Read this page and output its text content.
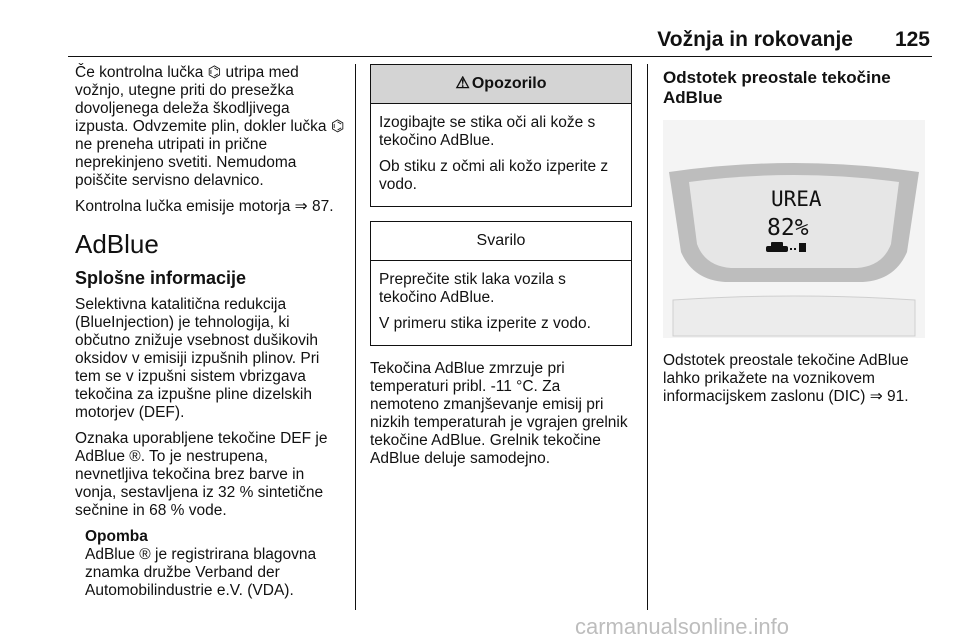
Vožnja in rokovanje 125

Če kontrolna lučka ⌬ utripa med vožnjo, utegne priti do presežka dovoljenega deleža škodljivega izpusta. Odvzemite plin, dokler lučka ⌬ ne preneha utripati in prične neprekinjeno svetiti. Nemudoma poiščite servisno delavnico.

Kontrolna lučka emisije motorja ⇒ 87.

AdBlue
Splošne informacije

Selektivna katalitična redukcija (BlueInjection) je tehnologija, ki občutno znižuje vsebnost dušikovih oksidov v emisiji izpušnih plinov. Pri tem se v izpušni sistem vbrizgava tekočina za izpušne pline dizelskih motorjev (DEF).

Oznaka uporabljene tekočine DEF je AdBlue ®. To je nestrupena, nevnetljiva tekočina brez barve in vonja, sestavljena iz 32 % sintetične sečnine in 68 % vode.

Opomba
AdBlue ® je registrirana blagovna znamka družbe Verband der Automobilindustrie e.V. (VDA).
⚠ Opozorilo

Izogibajte se stika oči ali kože s tekočino AdBlue.

Ob stiku z očmi ali kožo izperite z vodo.

Svarilo

Preprečite stik laka vozila s tekočino AdBlue.

V primeru stika izperite z vodo.

Tekočina AdBlue zmrzuje pri temperaturi pribl. -11 °C. Za nemoteno zmanjševanje emisij pri nizkih temperaturah je vgrajen grelnik tekočine AdBlue. Grelnik tekočine AdBlue deluje samodejno.

Odstotek preostale tekočine AdBlue
UREA
82%

Odstotek preostale tekočine AdBlue lahko prikažete na voznikovem informacijskem zaslonu (DIC) ⇒ 91.

carmanualsonline.info
